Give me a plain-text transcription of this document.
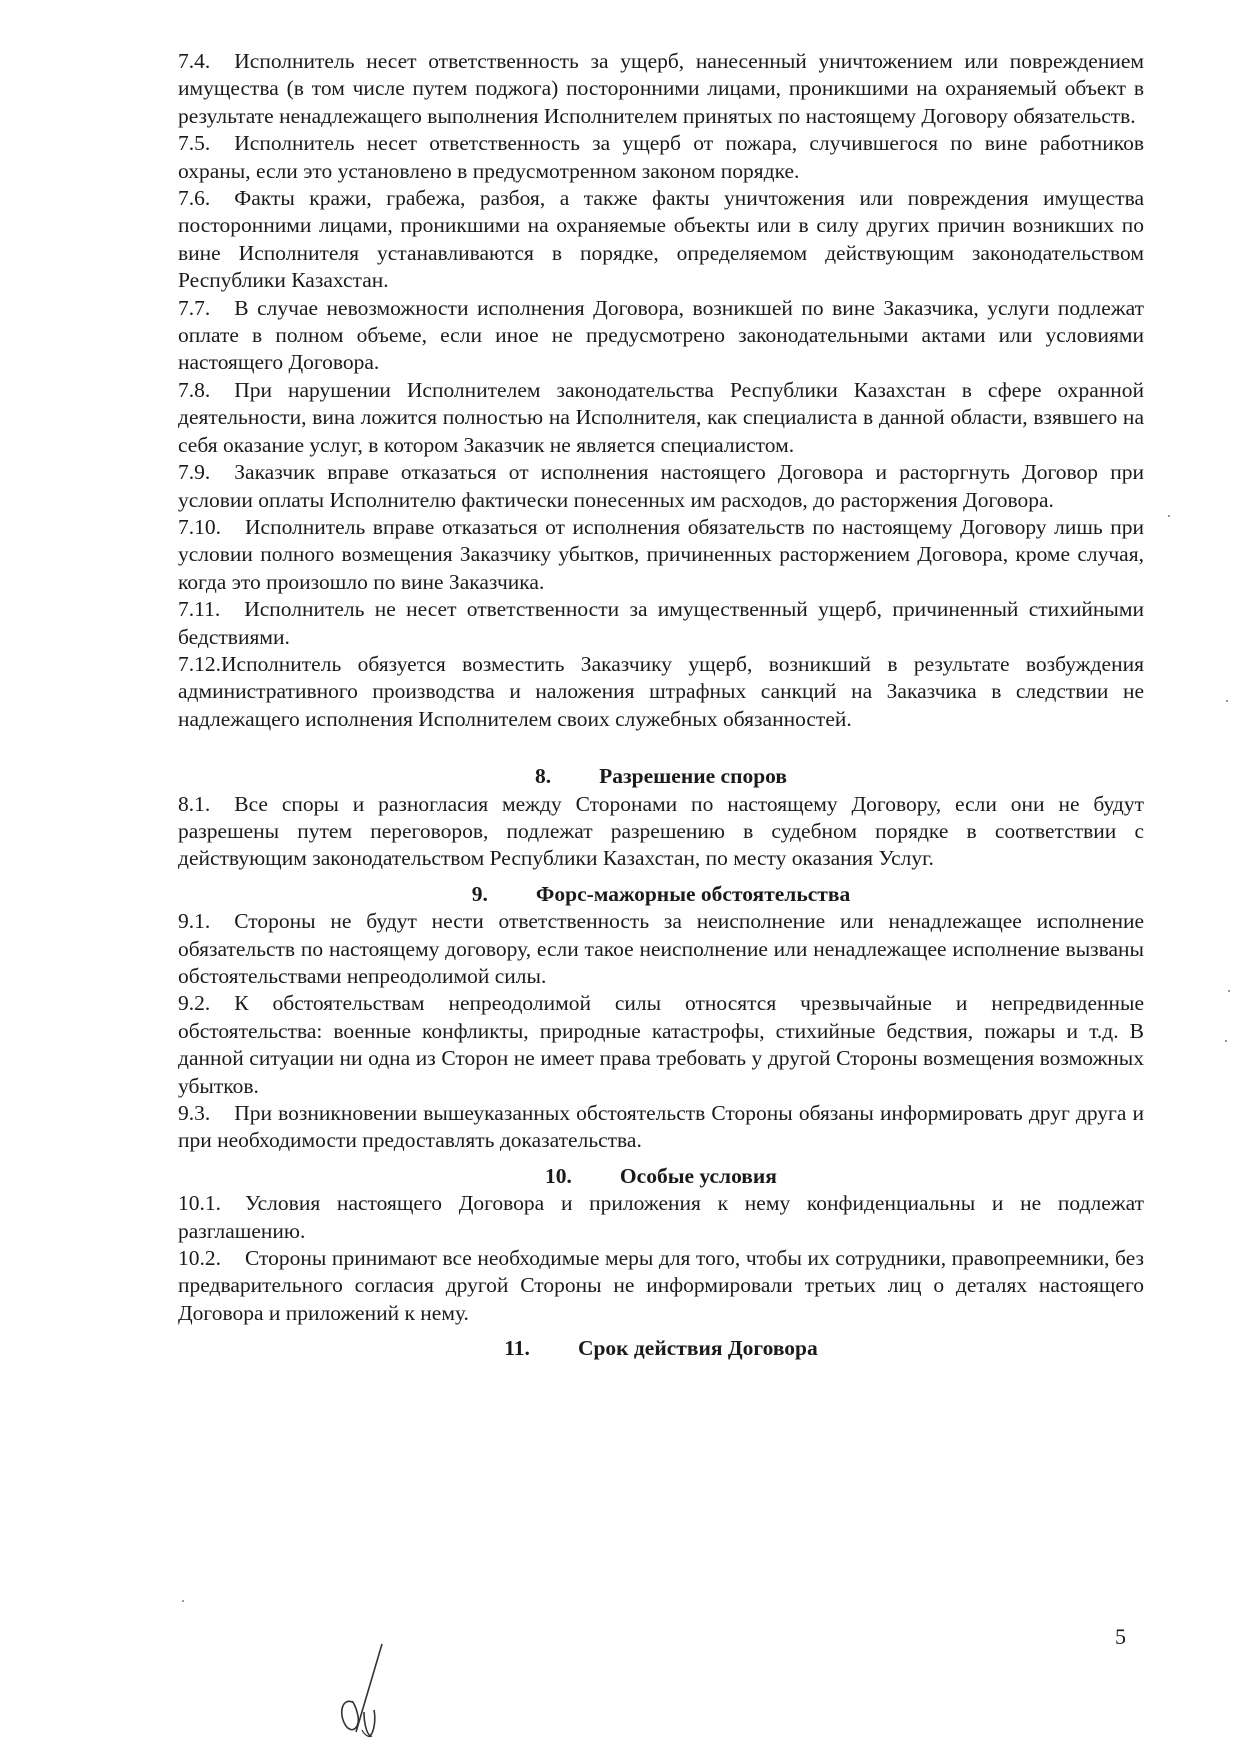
7.4. Исполнитель несет ответственность за ущерб, нанесенный уничтожением или повреждением имущества (в том числе путем поджога) посторонними лицами, проникшими на охраняемый объект в результате ненадлежащего выполнения Исполнителем принятых по настоящему Договору обязательств.

7.5. Исполнитель несет ответственность за ущерб от пожара, случившегося по вине работников охраны, если это установлено в предусмотренном законом порядке.

7.6. Факты кражи, грабежа, разбоя, а также факты уничтожения или повреждения имущества посторонними лицами, проникшими на охраняемые объекты или в силу других причин возникших по вине Исполнителя устанавливаются в порядке, определяемом действующим законодательством Республики Казахстан.

7.7. В случае невозможности исполнения Договора, возникшей по вине Заказчика, услуги подлежат оплате в полном объеме, если иное не предусмотрено законодательными актами или условиями настоящего Договора.

7.8. При нарушении Исполнителем законодательства Республики Казахстан в сфере охранной деятельности, вина ложится полностью на Исполнителя, как специалиста в данной области, взявшего на себя оказание услуг, в котором Заказчик не является специалистом.

7.9. Заказчик вправе отказаться от исполнения настоящего Договора и расторгнуть Договор при условии оплаты Исполнителю фактически понесенных им расходов, до расторжения Договора.

7.10. Исполнитель вправе отказаться от исполнения обязательств по настоящему Договору лишь при условии полного возмещения Заказчику убытков, причиненных расторжением Договора, кроме случая, когда это произошло по вине Заказчика.

7.11. Исполнитель не несет ответственности за имущественный ущерб, причиненный стихийными бедствиями.

7.12.Исполнитель обязуется возместить Заказчику ущерб, возникший в результате возбуждения административного производства и наложения штрафных санкций на Заказчика в следствии не надлежащего исполнения Исполнителем своих служебных обязанностей.

8. Разрешение споров

8.1. Все споры и разногласия между Сторонами по настоящему Договору, если они не будут разрешены путем переговоров, подлежат разрешению в судебном порядке в соответствии с действующим законодательством Республики Казахстан, по месту оказания Услуг.

9. Форс-мажорные обстоятельства

9.1. Стороны не будут нести ответственность за неисполнение или ненадлежащее исполнение обязательств по настоящему договору, если такое неисполнение или ненадлежащее исполнение вызваны обстоятельствами непреодолимой силы.

9.2. К обстоятельствам непреодолимой силы относятся чрезвычайные и непредвиденные обстоятельства: военные конфликты, природные катастрофы, стихийные бедствия, пожары и т.д. В данной ситуации ни одна из Сторон не имеет права требовать у другой Стороны возмещения возможных убытков.

9.3. При возникновении вышеуказанных обстоятельств Стороны обязаны информировать друг друга и при необходимости предоставлять доказательства.

10. Особые условия

10.1. Условия настоящего Договора и приложения к нему конфиденциальны и не подлежат разглашению.

10.2. Стороны принимают все необходимые меры для того, чтобы их сотрудники, правопреемники, без предварительного согласия другой Стороны не информировали третьих лиц о деталях настоящего Договора и приложений к нему.

11. Срок действия Договора

5
